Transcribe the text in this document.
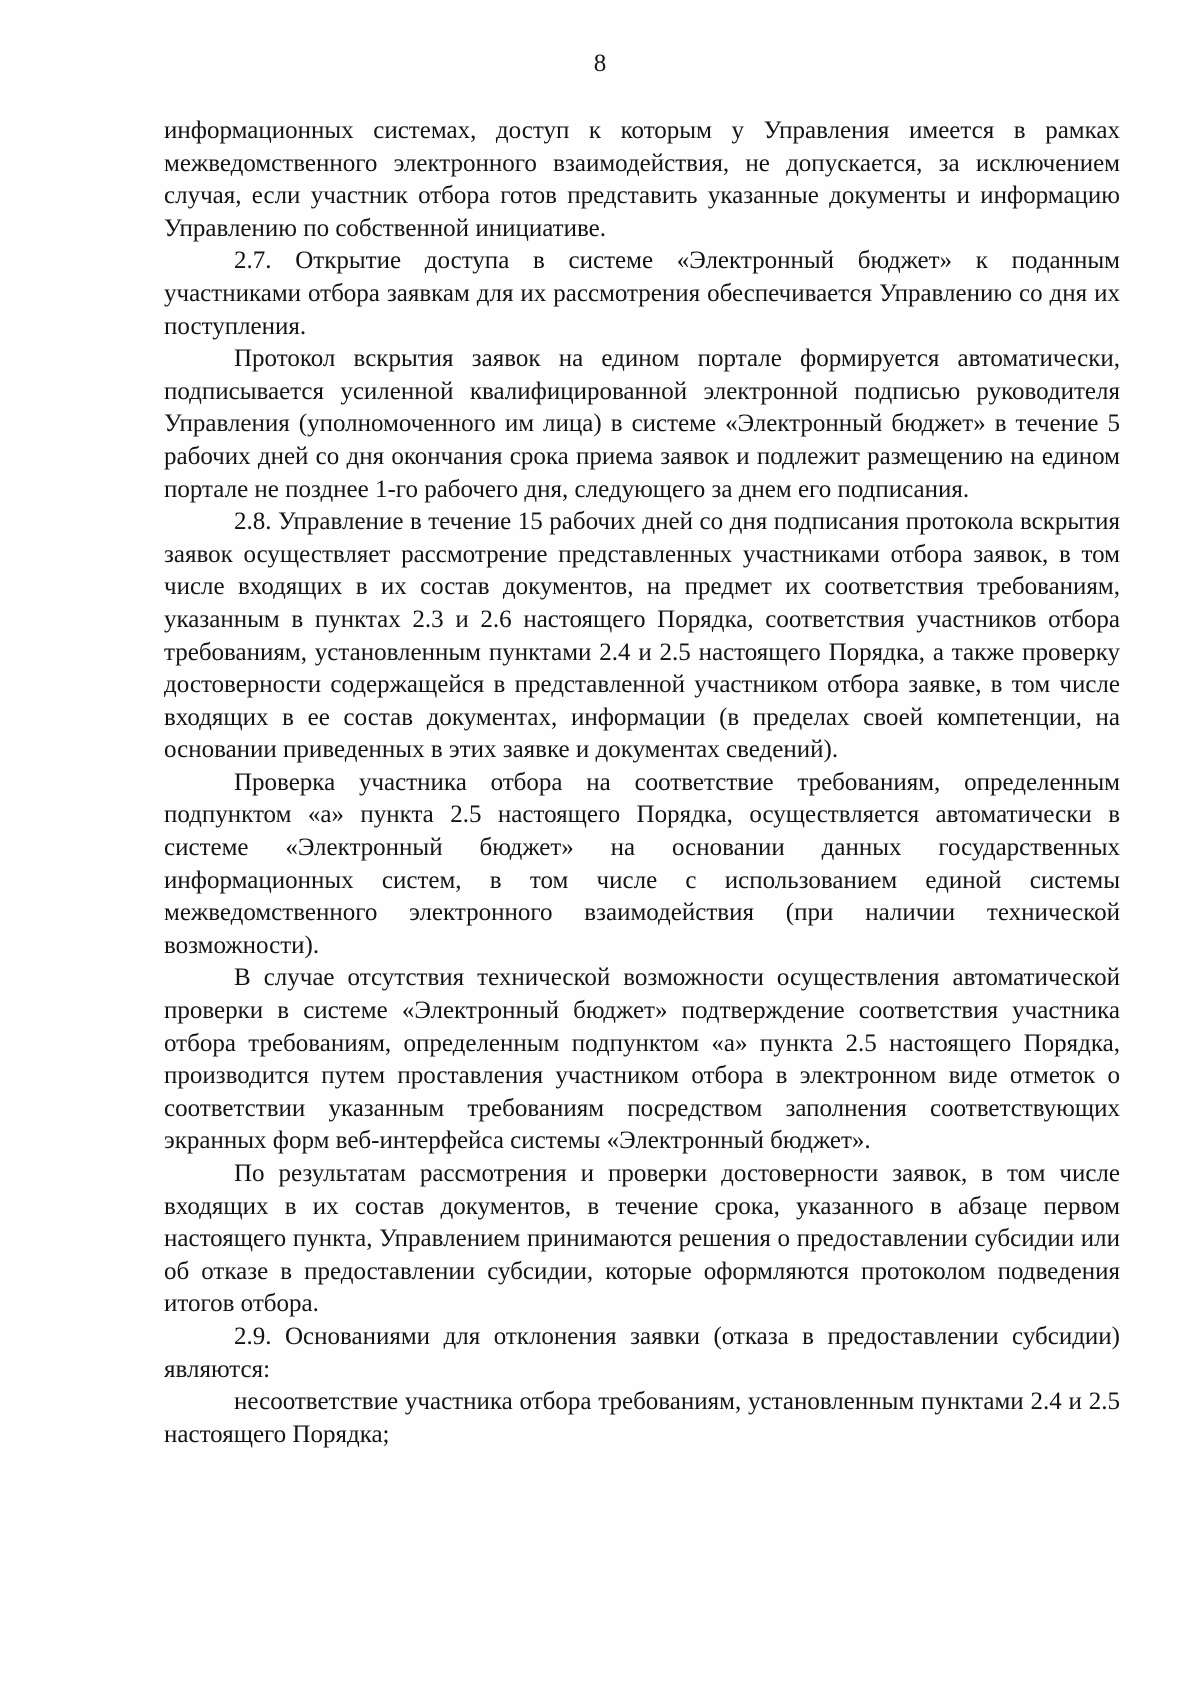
8

информационных системах, доступ к которым у Управления имеется в рамках межведомственного электронного взаимодействия, не допускается, за исключением случая, если участник отбора готов представить указанные документы и информацию Управлению по собственной инициативе.

2.7. Открытие доступа в системе «Электронный бюджет» к поданным участниками отбора заявкам для их рассмотрения обеспечивается Управлению со дня их поступления.

Протокол вскрытия заявок на едином портале формируется автоматически, подписывается усиленной квалифицированной электронной подписью руководителя Управления (уполномоченного им лица) в системе «Электронный бюджет» в течение 5 рабочих дней со дня окончания срока приема заявок и подлежит размещению на едином портале не позднее 1-го рабочего дня, следующего за днем его подписания.

2.8. Управление в течение 15 рабочих дней со дня подписания протокола вскрытия заявок осуществляет рассмотрение представленных участниками отбора заявок, в том числе входящих в их состав документов, на предмет их соответствия требованиям, указанным в пунктах 2.3 и 2.6 настоящего Порядка, соответствия участников отбора требованиям, установленным пунктами 2.4 и 2.5 настоящего Порядка, а также проверку достоверности содержащейся в представленной участником отбора заявке, в том числе входящих в ее состав документах, информации (в пределах своей компетенции, на основании приведенных в этих заявке и документах сведений).

Проверка участника отбора на соответствие требованиям, определенным подпунктом «а» пункта 2.5 настоящего Порядка, осуществляется автоматически в системе «Электронный бюджет» на основании данных государственных информационных систем, в том числе с использованием единой системы межведомственного электронного взаимодействия (при наличии технической возможности).

В случае отсутствия технической возможности осуществления автоматической проверки в системе «Электронный бюджет» подтверждение соответствия участника отбора требованиям, определенным подпунктом «а» пункта 2.5 настоящего Порядка, производится путем проставления участником отбора в электронном виде отметок о соответствии указанным требованиям посредством заполнения соответствующих экранных форм веб-интерфейса системы «Электронный бюджет».

По результатам рассмотрения и проверки достоверности заявок, в том числе входящих в их состав документов, в течение срока, указанного в абзаце первом настоящего пункта, Управлением принимаются решения о предоставлении субсидии или об отказе в предоставлении субсидии, которые оформляются протоколом подведения итогов отбора.

2.9. Основаниями для отклонения заявки (отказа в предоставлении субсидии) являются:

несоответствие участника отбора требованиям, установленным пунктами 2.4 и 2.5 настоящего Порядка;
